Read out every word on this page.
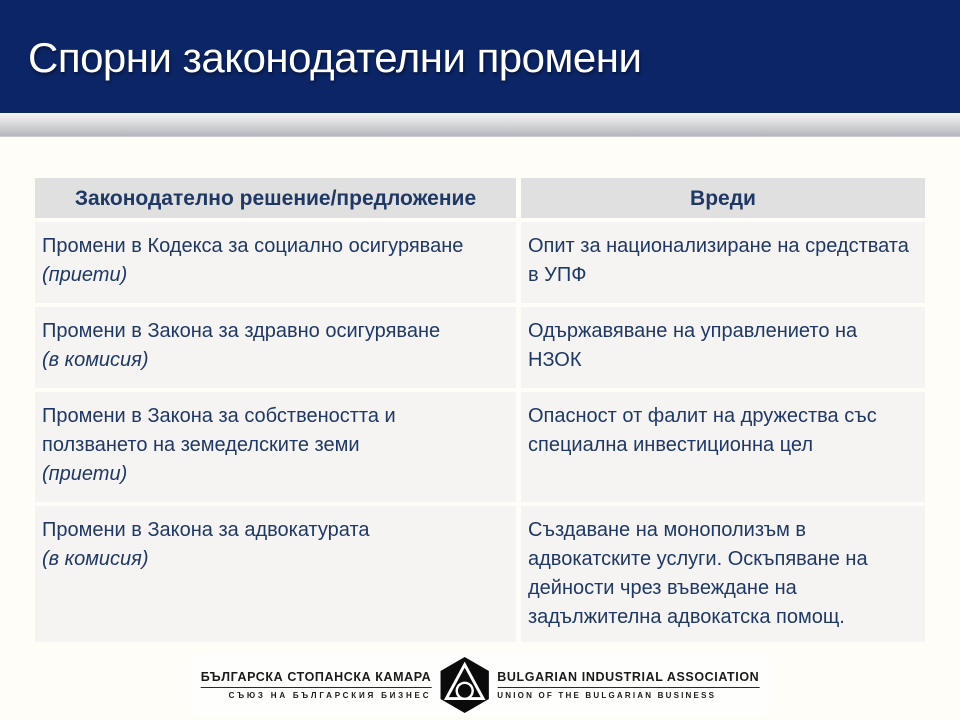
Спорни законодателни промени
Законодателно решение/предложение	Вреди
Промени в Кодекса за социално осигуряване
(приети)
Опит за национализиране на средствата в УПФ
Промени в Закона за здравно осигуряване
(в комисия)
Одържавяване на управлението на НЗОК
Промени в Закона за собствеността и ползването на земеделските земи
(приети)
Опасност от фалит на дружества със специална инвестиционна цел
Промени в Закона за адвокатурата
(в комисия)
Създаване на монополизъм в адвокатските услуги. Оскъпяване на дейности чрез въвеждане на задължителна адвокатска помощ.
БЪЛГАРСКА СТОПАНСКА КАМАРА
СЪЮЗ НА БЪЛГАРСКИЯ БИЗНЕС
BULGARIAN INDUSTRIAL ASSOCIATION
UNION OF THE BULGARIAN BUSINESS
